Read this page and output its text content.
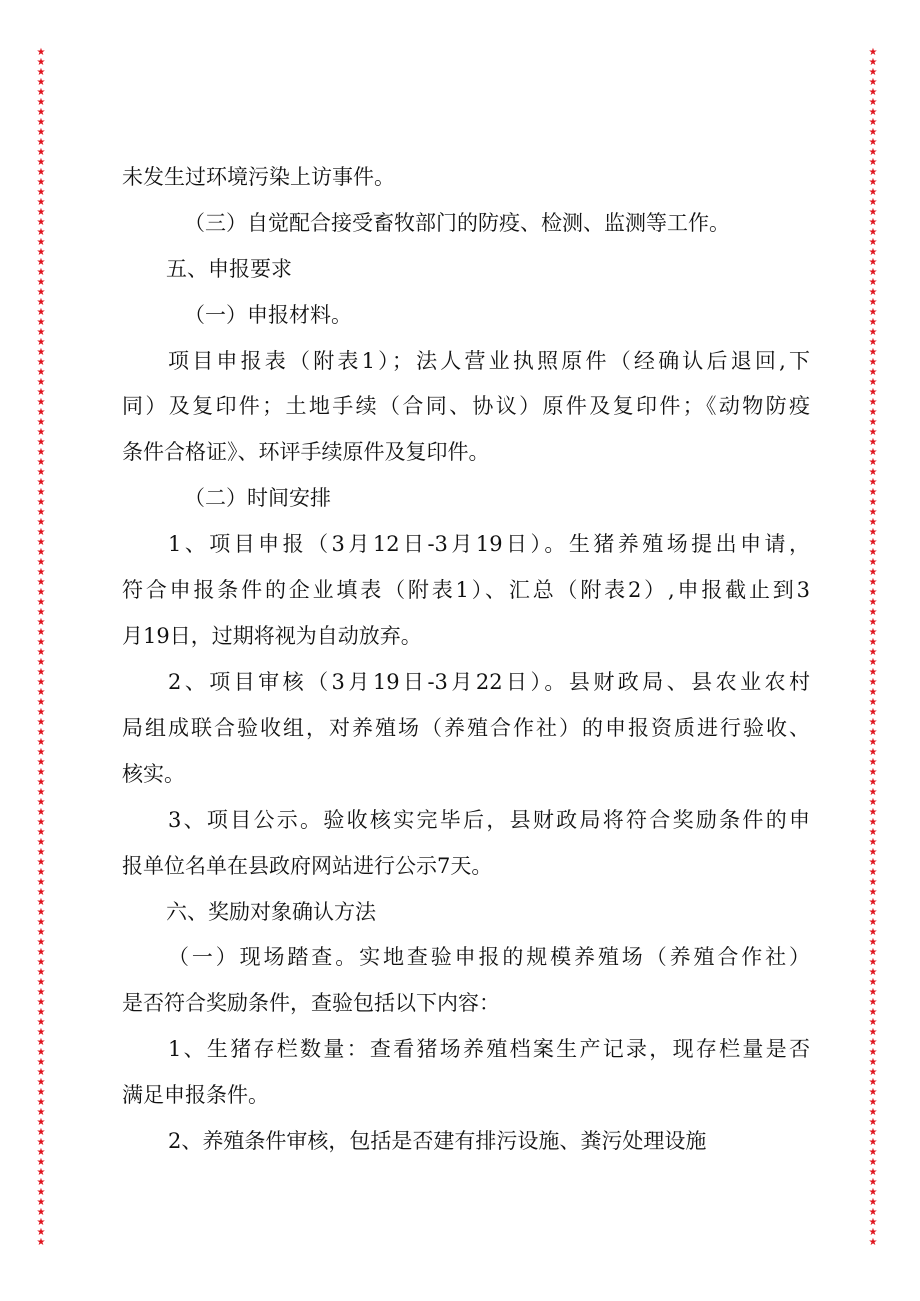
★
★
★
★
★
★
★
★
★
★
★
★
★
★
★
★
★
★
★
★
★
★
★
★
★
★
★
★
★
★
★
★
★
★
★
★
★
★
★
★
★
★
★
★
★
★
★
★
★
★
★
★
★
★
★
★
★
★
★
★
★
★
★
★
★
★
★
★
★
★
★
★
★
★
★
★
★
★
★
★
★
★
★
★
★
★
★
★
★
★
★
★
★
★
★
★
★
★
★
★
★
★
★
★
★
★
★
★
★
★
★
★
★
★
★
★
★
★
★
★
★
★
★
★
★
★
★
★
★
★
★
★
★
★
★
★
★
★
★
★
★
★
★
★
★
★
★
★
★
★
★
★
★
★
★
★
★
★
★
★
★
★
★
★
★
★
★
★
★
★
★
★
★
★
★
★
★
★
★
★
★
★
★
★
★
★
★
★
★
★
★
★
★
★
★
★
★
★
★
★
★
★
★
★
★
★
★
★
★
★
★
★
★
★
★
★
★
★
★
★
★
★
★
★
★
★
★
★
★
★
★
★
★
★
★
★
★
★
★
★
未发生过环境污染上访事件。
（三）自觉配合接受畜牧部门的防疫、检测、监测等工作。
五、申报要求
（一）申报材料。
项目申报表（附表1）；法人营业执照原件（经确认后退回,下
同）及复印件；土地手续（合同、协议）原件及复印件；《动物防疫
条件合格证》、环评手续原件及复印件。
（二）时间安排
1、项目申报（3月12日-3月19日）。生猪养殖场提出申请，
符合申报条件的企业填表（附表1）、汇总（附表2）,申报截止到3
月19日，过期将视为自动放弃。
2、项目审核（3月19日-3月22日）。县财政局、县农业农村
局组成联合验收组，对养殖场（养殖合作社）的申报资质进行验收、
核实。
3、项目公示。验收核实完毕后，县财政局将符合奖励条件的申
报单位名单在县政府网站进行公示7天。
六、奖励对象确认方法
（一）现场踏查。实地查验申报的规模养殖场（养殖合作社）
是否符合奖励条件，查验包括以下内容：
1、生猪存栏数量：查看猪场养殖档案生产记录，现存栏量是否
满足申报条件。
2、养殖条件审核，包括是否建有排污设施、粪污处理设施
